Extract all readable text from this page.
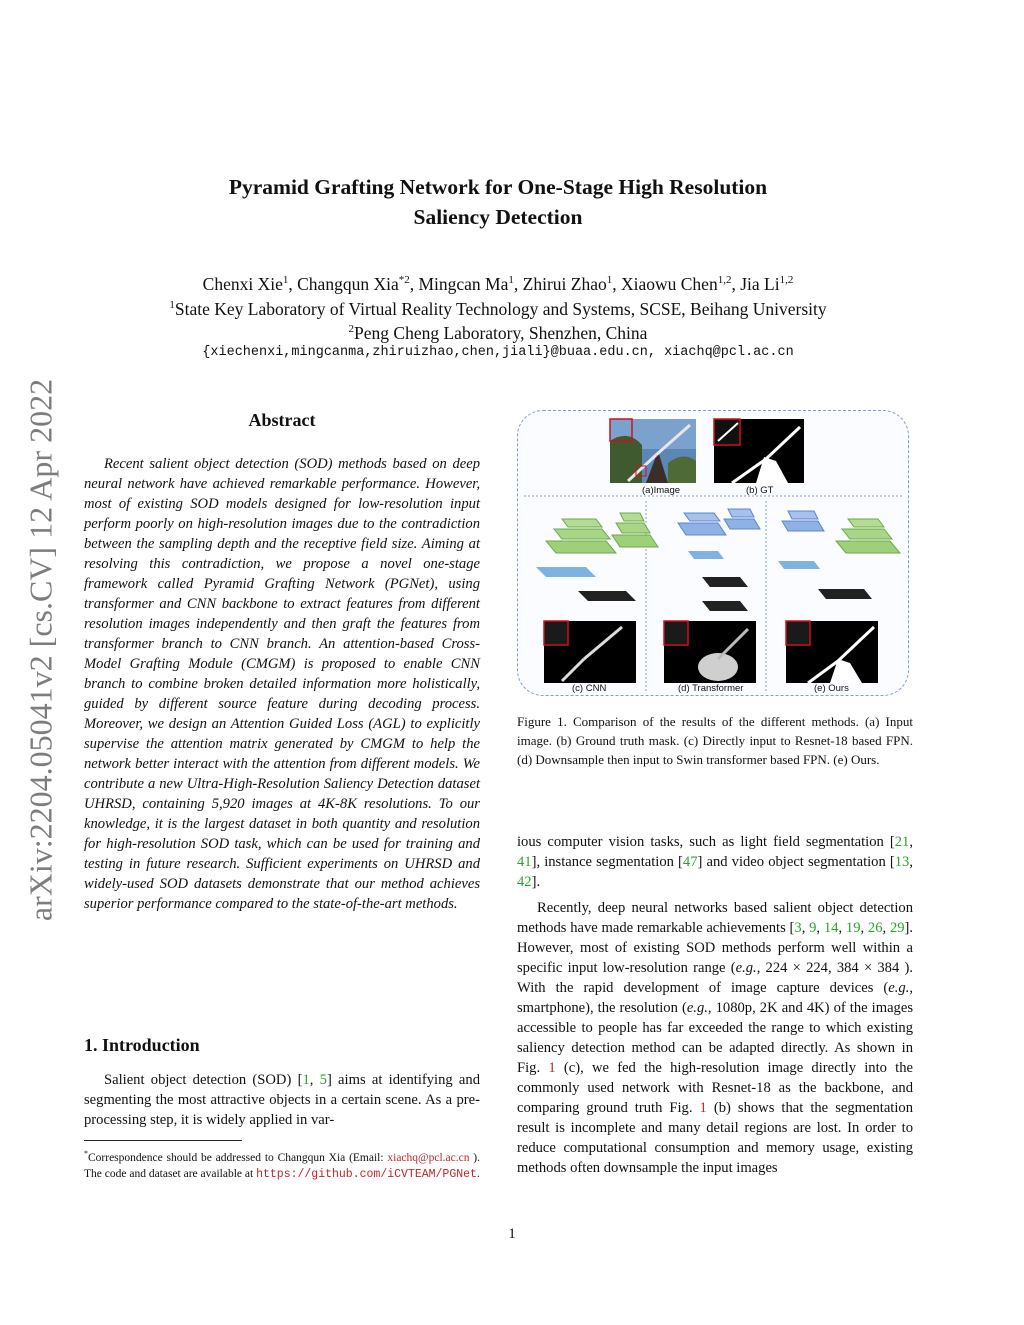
arXiv:2204.05041v2 [cs.CV] 12 Apr 2022
Pyramid Grafting Network for One-Stage High Resolution
Saliency Detection
Chenxi Xie$^1$, Changqun Xia$^{*2}$, Mingcan Ma$^1$, Zhirui Zhao$^1$, Xiaowu Chen$^{1,2}$, Jia Li$^{1,2}$
$^1$State Key Laboratory of Virtual Reality Technology and Systems, SCSE, Beihang University
$^2$Peng Cheng Laboratory, Shenzhen, China
{xiechenxi,mingcanma,zhiruizhao,chen,jiali}@buaa.edu.cn, xiachq@pcl.ac.cn
Abstract

Recent salient object detection (SOD) methods based on deep neural network have achieved remarkable performance. However, most of existing SOD models designed for low-resolution input perform poorly on high-resolution images due to the contradiction between the sampling depth and the receptive field size. Aiming at resolving this contradiction, we propose a novel one-stage framework called Pyramid Grafting Network (PGNet), using transformer and CNN backbone to extract features from different resolution images independently and then graft the features from transformer branch to CNN branch. An attention-based Cross-Model Grafting Module (CMGM) is proposed to enable CNN branch to combine broken detailed information more holistically, guided by different source feature during decoding process. Moreover, we design an Attention Guided Loss (AGL) to explicitly supervise the attention matrix generated by CMGM to help the network better interact with the attention from different models. We contribute a new Ultra-High-Resolution Saliency Detection dataset UHRSD, containing 5,920 images at 4K-8K resolutions. To our knowledge, it is the largest dataset in both quantity and resolution for high-resolution SOD task, which can be used for training and testing in future research. Sufficient experiments on UHRSD and widely-used SOD datasets demonstrate that our method achieves superior performance compared to the state-of-the-art methods.

1. Introduction

Salient object detection (SOD) [1, 5] aims at identifying and segmenting the most attractive objects in a certain scene. As a pre-processing step, it is widely applied in var-

*Correspondence should be addressed to Changqun Xia (Email: xiachq@pcl.ac.cn ). The code and dataset are available at https://github.com/iCVTEAM/PGNet.
(a)Image	(b) GT
(c) CNN	(d) Transformer	(e) Ours
Figure 1. Comparison of the results of the different methods. (a) Input image. (b) Ground truth mask. (c) Directly input to Resnet-18 based FPN. (d) Downsample then input to Swin transformer based FPN. (e) Ours.

ious computer vision tasks, such as light field segmentation [21, 41], instance segmentation [47] and video object segmentation [13, 42].

Recently, deep neural networks based salient object detection methods have made remarkable achievements [3, 9, 14, 19, 26, 29]. However, most of existing SOD methods perform well within a specific input low-resolution range (e.g., 224 × 224, 384 × 384 ). With the rapid development of image capture devices (e.g., smartphone), the resolution (e.g., 1080p, 2K and 4K) of the images accessible to people has far exceeded the range to which existing saliency detection method can be adapted directly. As shown in Fig. 1 (c), we fed the high-resolution image directly into the commonly used network with Resnet-18 as the backbone, and comparing ground truth Fig. 1 (b) shows that the segmentation result is incomplete and many detail regions are lost. In order to reduce computational consumption and memory usage, existing methods often downsample the input images

1
